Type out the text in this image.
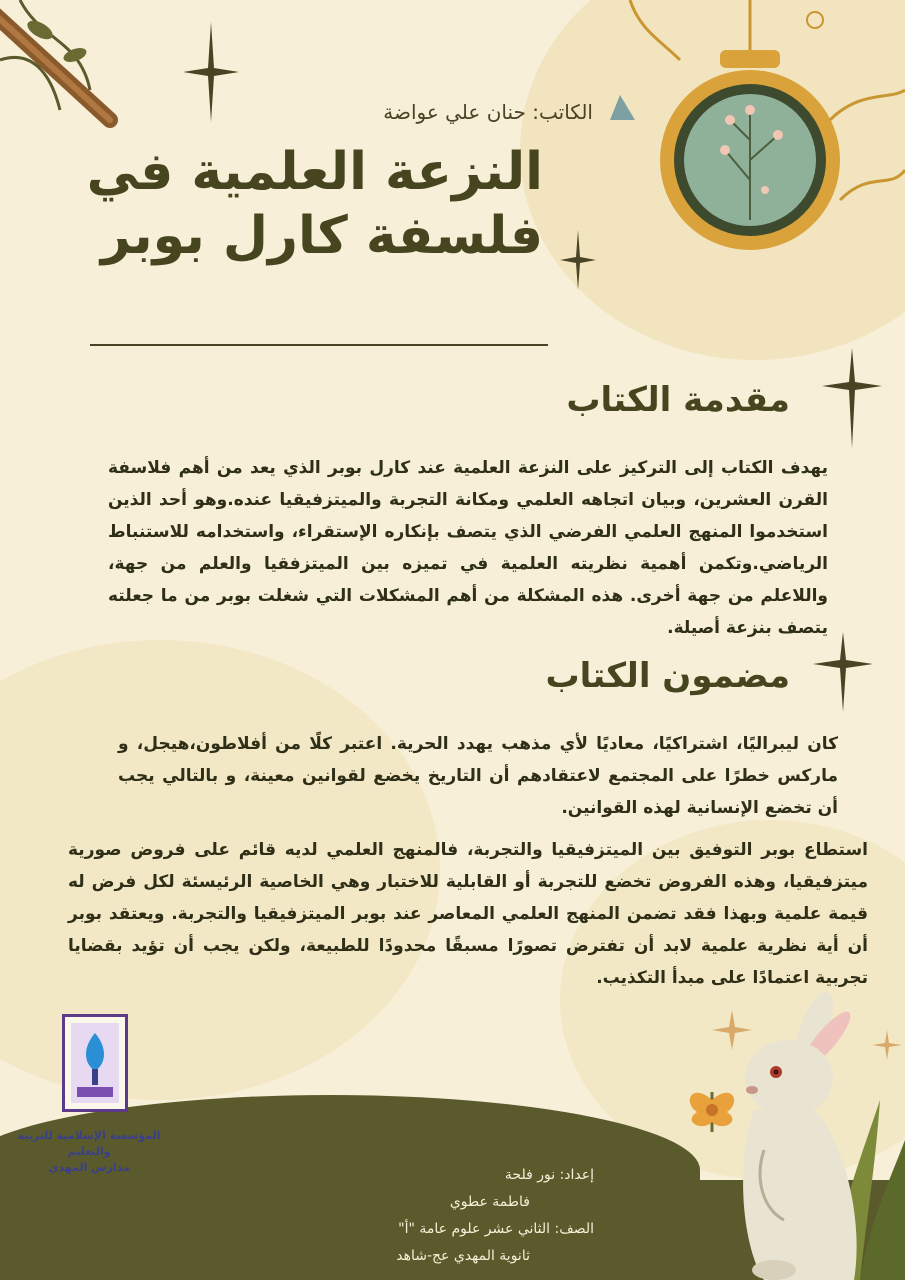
الكاتب: حنان علي عواضة
النزعة العلمية في
فلسفة كارل بوبر
مقدمة الكتاب
يهدف الكتاب إلى التركيز على النزعة العلمية عند كارل بوبر الذي يعد من أهم فلاسفة القرن العشرين، وبيان اتجاهه العلمي ومكانة التجربة والميتزفيقيا عنده.وهو أحد الذين استخدموا المنهج العلمي الفرضي الذي يتصف بإنكاره الإستقراء، واستخدامه للاستنباط الرياضي.وتكمن أهمية نظريته العلمية في تميزه بين الميتزفقيا والعلم من جهة، واللاعلم من جهة أخرى. هذه المشكلة من أهم المشكلات التي شغلت بوبر من ما جعلته يتصف بنزعة أصيلة.
مضمون الكتاب
كان ليبراليًا، اشتراكيًا، معاديًا لأي مذهب يهدد الحرية. اعتبر كلًا من أفلاطون،هيجل، و ماركس خطرًا على المجتمع لاعتقادهم أن التاريخ يخضع لقوانين معينة، و بالتالي يجب أن تخضع الإنسانية لهذه القوانين.
استطاع بوبر التوفيق بين الميتزفيقيا والتجربة، فالمنهج العلمي لديه قائم على فروض صورية ميتزفيقيا، وهذه الفروض تخضع للتجربة أو القابلية للاختبار وهي الخاصية الرئيسئة لكل فرض له قيمة علمية وبهذا فقد تضمن المنهج العلمي المعاصر عند بوبر الميتزفيقيا والتجربة. ويعتقد بوبر أن أية نظرية علمية لابد أن تفترض تصورًا مسبقًا محدودًا للطبيعة، ولكن يجب أن تؤيد بقضايا تجربية اعتمادًا على مبدأ التكذيب.
المؤسسة الإسلامية للتربية والتعليم
مدارس المهدي	إعداد: نور فلحة
فاطمة عطوي
الصف: الثاني عشر علوم عامة "أ"
ثانوية المهدي عج-شاهد
